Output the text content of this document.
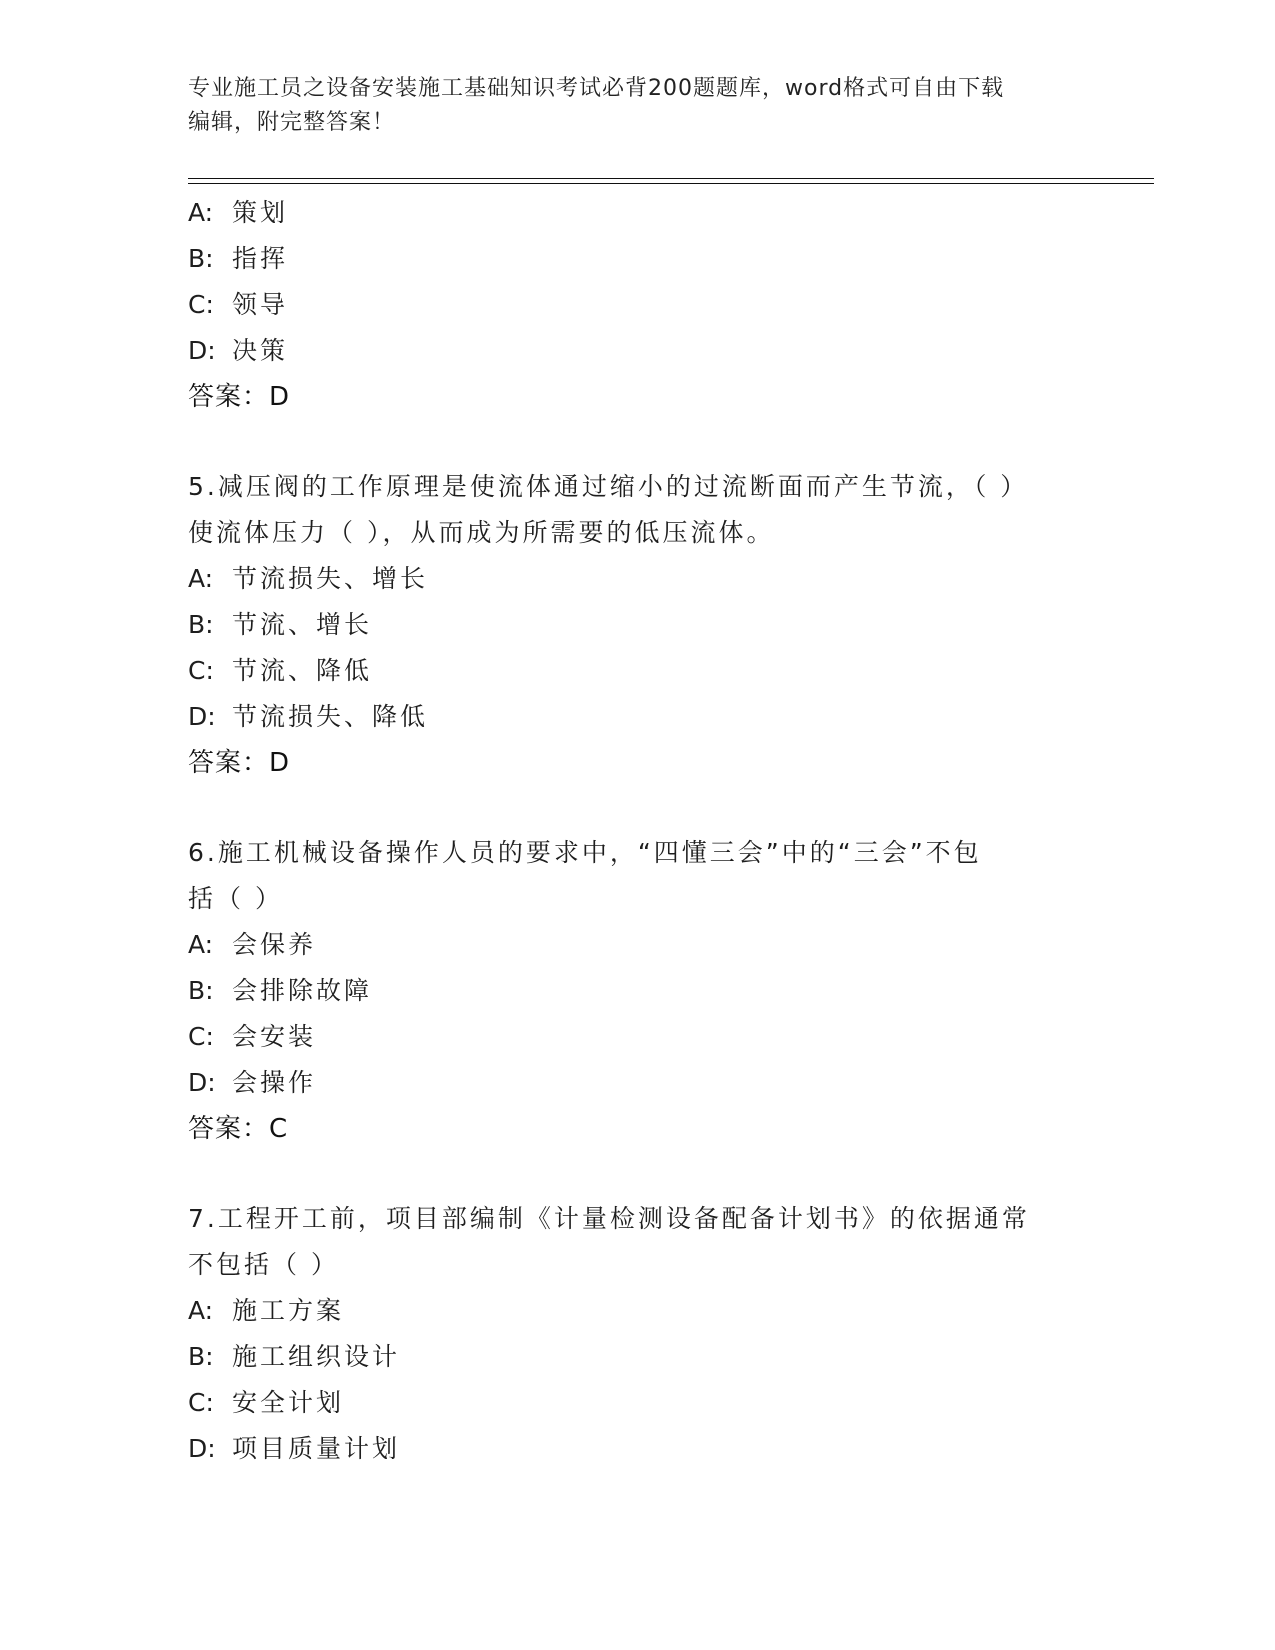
专业施工员之设备安装施工基础知识考试必背200题题库，word格式可自由下载
编辑，附完整答案！
A: 策划
B: 指挥
C: 领导
D: 决策
答案：D
5.减压阀的工作原理是使流体通过缩小的过流断面而产生节流，（ ）
使流体压力（ ），从而成为所需要的低压流体。
A: 节流损失、增长
B: 节流、增长
C: 节流、降低
D: 节流损失、降低
答案：D
6.施工机械设备操作人员的要求中，“四懂三会”中的“三会”不包
括（ ）
A: 会保养
B: 会排除故障
C: 会安装
D: 会操作
答案：C
7.工程开工前，项目部编制《计量检测设备配备计划书》的依据通常
不包括（ ）
A: 施工方案
B: 施工组织设计
C: 安全计划
D: 项目质量计划
